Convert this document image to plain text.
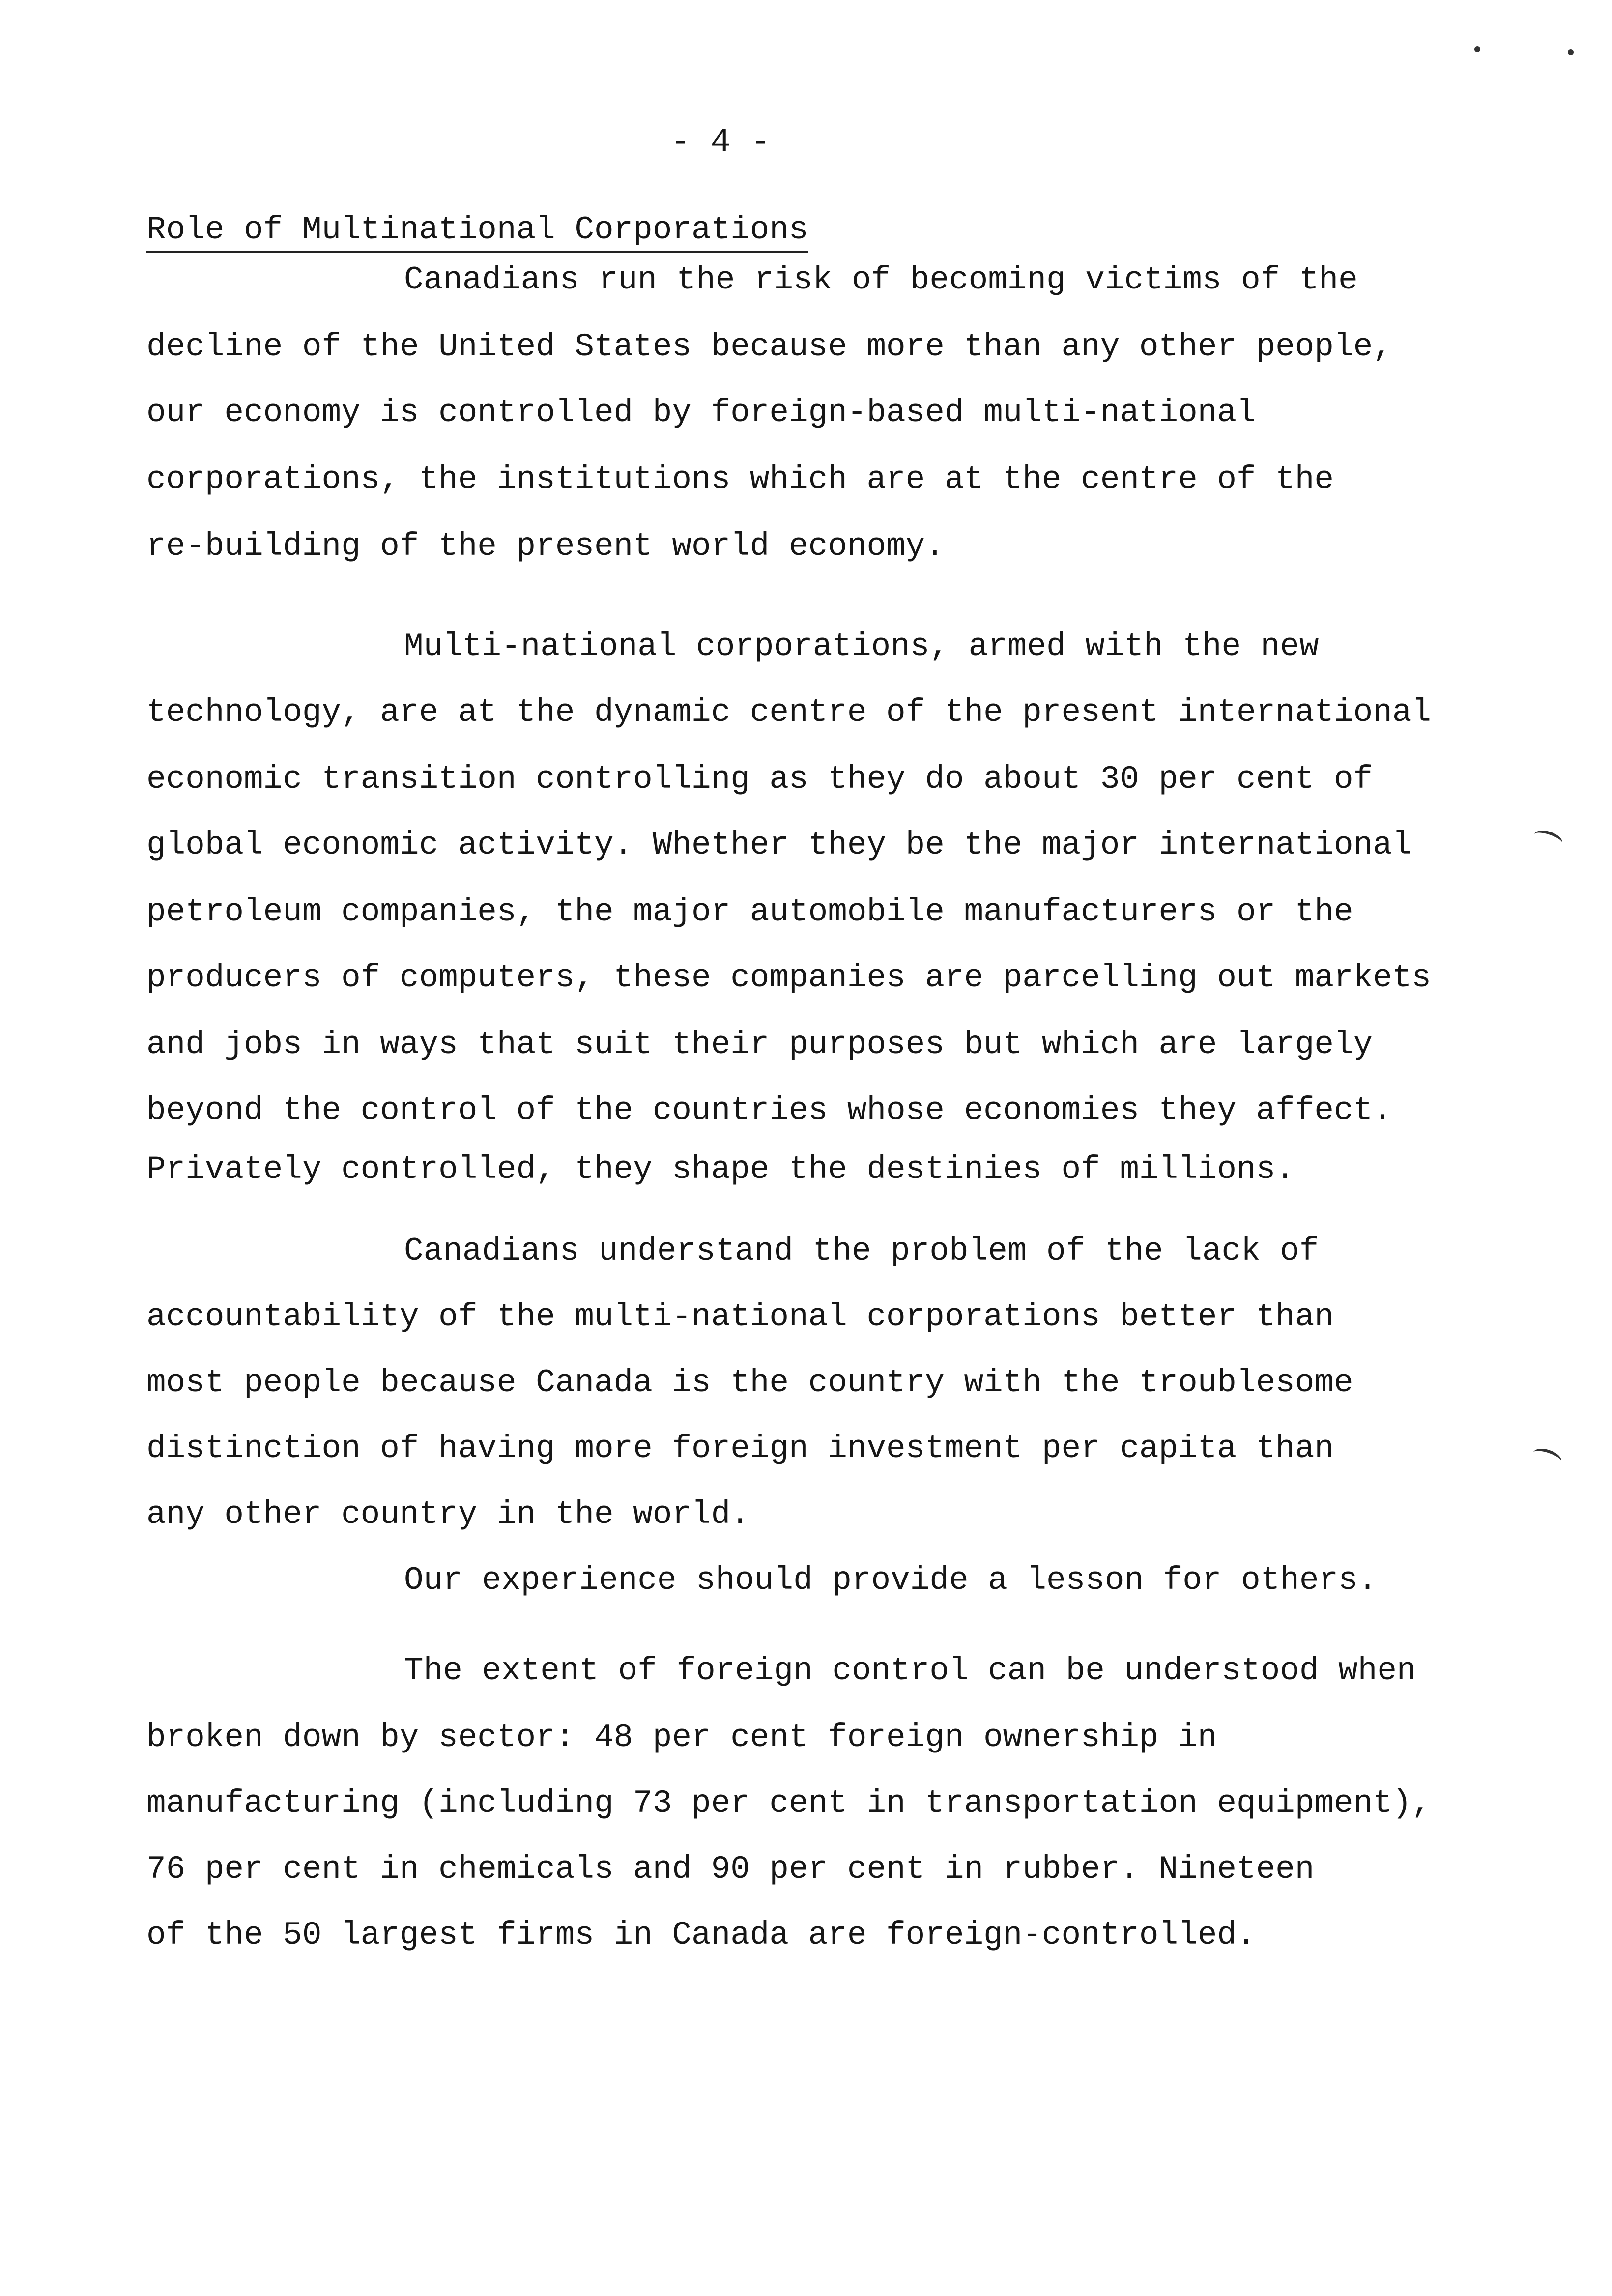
- 4 -
Role of Multinational Corporations
Canadians run the risk of becoming victims of the
decline of the United States because more than any other people,
our economy is controlled by foreign-based multi-national
corporations, the institutions which are at the centre of the
re-building of the present world economy.
Multi-national corporations, armed with the new
technology, are at the dynamic centre of the present international
economic transition controlling as they do about 30 per cent of
global economic activity. Whether they be the major international
petroleum companies, the major automobile manufacturers or the
producers of computers, these companies are parcelling out markets
and jobs in ways that suit their purposes but which are largely
beyond the control of the countries whose economies they affect.
Privately controlled, they shape the destinies of millions.
Canadians understand the problem of the lack of
accountability of the multi-national corporations better than
most people because Canada is the country with the troublesome
distinction of having more foreign investment per capita than
any other country in the world.
Our experience should provide a lesson for others.
The extent of foreign control can be understood when
broken down by sector: 48 per cent foreign ownership in
manufacturing (including 73 per cent in transportation equipment),
76 per cent in chemicals and 90 per cent in rubber. Nineteen
of the 50 largest firms in Canada are foreign-controlled.
